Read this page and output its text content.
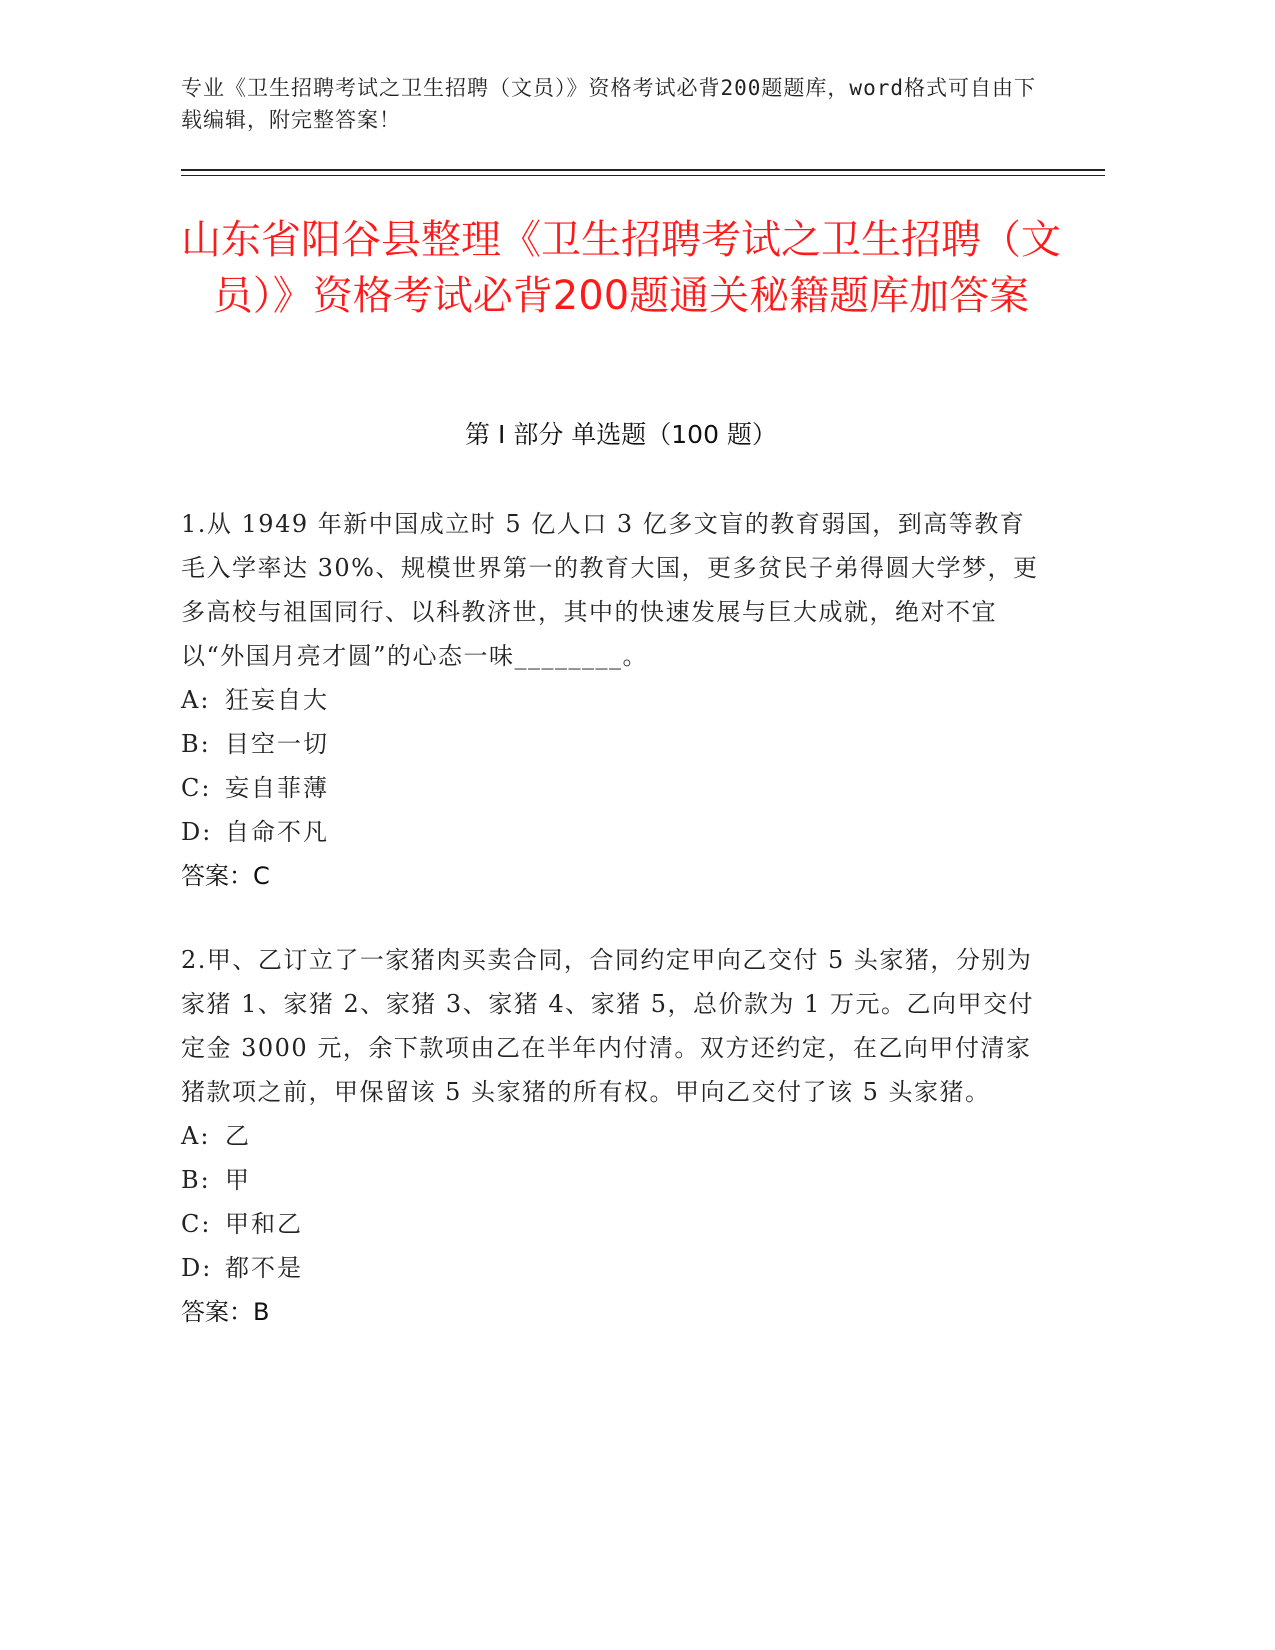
专业《卫生招聘考试之卫生招聘（文员）》资格考试必背200题题库，word格式可自由下载编辑，附完整答案！
山东省阳谷县整理《卫生招聘考试之卫生招聘（文员）》资格考试必背200题通关秘籍题库加答案
第 I 部分 单选题（100 题）
1.从 1949 年新中国成立时 5 亿人口 3 亿多文盲的教育弱国，到高等教育毛入学率达 30%、规模世界第一的教育大国，更多贫民子弟得圆大学梦，更多高校与祖国同行、以科教济世，其中的快速发展与巨大成就，绝对不宜以“外国月亮才圆”的心态一味________。
A: 狂妄自大
B: 目空一切
C: 妄自菲薄
D: 自命不凡
答案：C
2.甲、乙订立了一家猪肉买卖合同，合同约定甲向乙交付 5 头家猪，分别为家猪 1、家猪 2、家猪 3、家猪 4、家猪 5，总价款为 1 万元。乙向甲交付定金 3000 元，余下款项由乙在半年内付清。双方还约定，在乙向甲付清家猪款项之前，甲保留该 5 头家猪的所有权。甲向乙交付了该 5 头家猪。
A: 乙
B: 甲
C: 甲和乙
D: 都不是
答案：B
